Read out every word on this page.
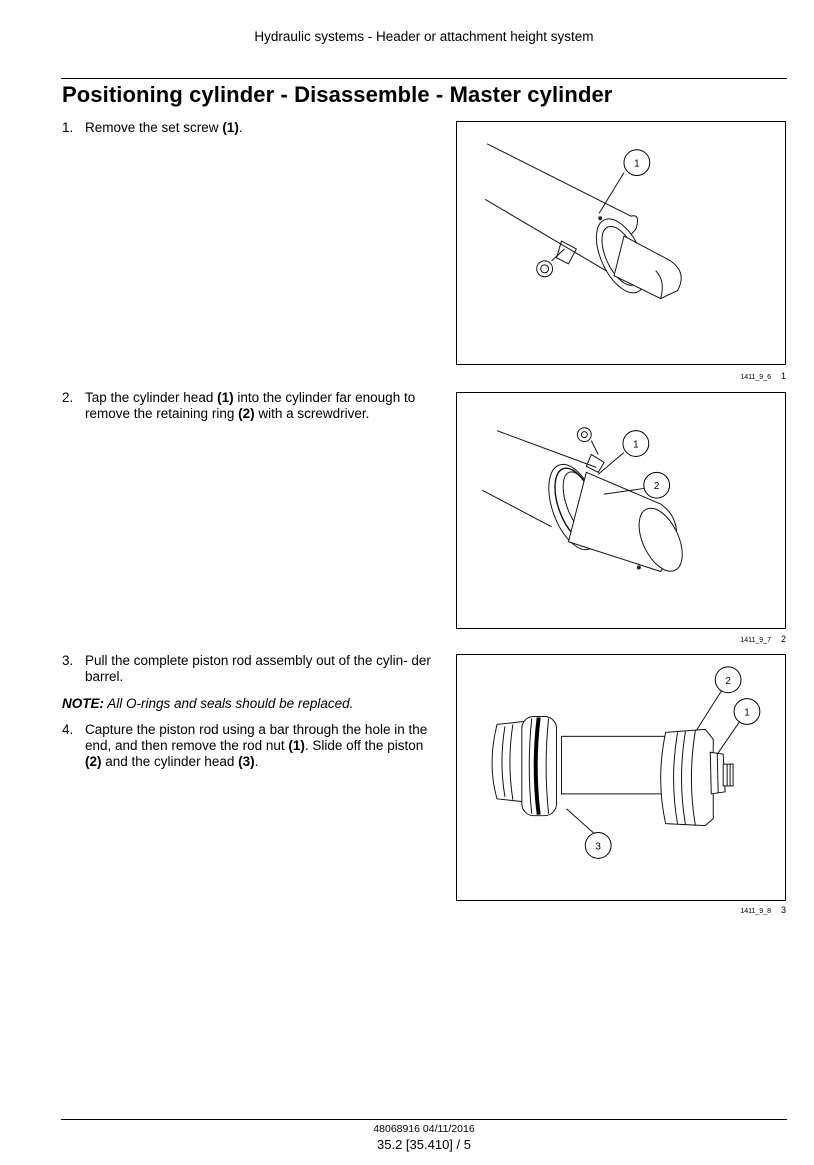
Hydraulic systems - Header or attachment height system
Positioning cylinder - Disassemble - Master cylinder
1. Remove the set screw (1).
2. Tap the cylinder head (1) into the cylinder far enough to remove the retaining ring (2) with a screwdriver.
3. Pull the complete piston rod assembly out of the cylin- der barrel.
NOTE: All O-rings and seals should be replaced.
4. Capture the piston rod using a bar through the hole in the end, and then remove the rod nut (1). Slide off the piston (2) and the cylinder head (3).
1
1411_9_6 1
1
2
1411_9_7 2
2
1
3
1411_9_8 3
48068916 04/11/2016
35.2 [35.410] / 5
